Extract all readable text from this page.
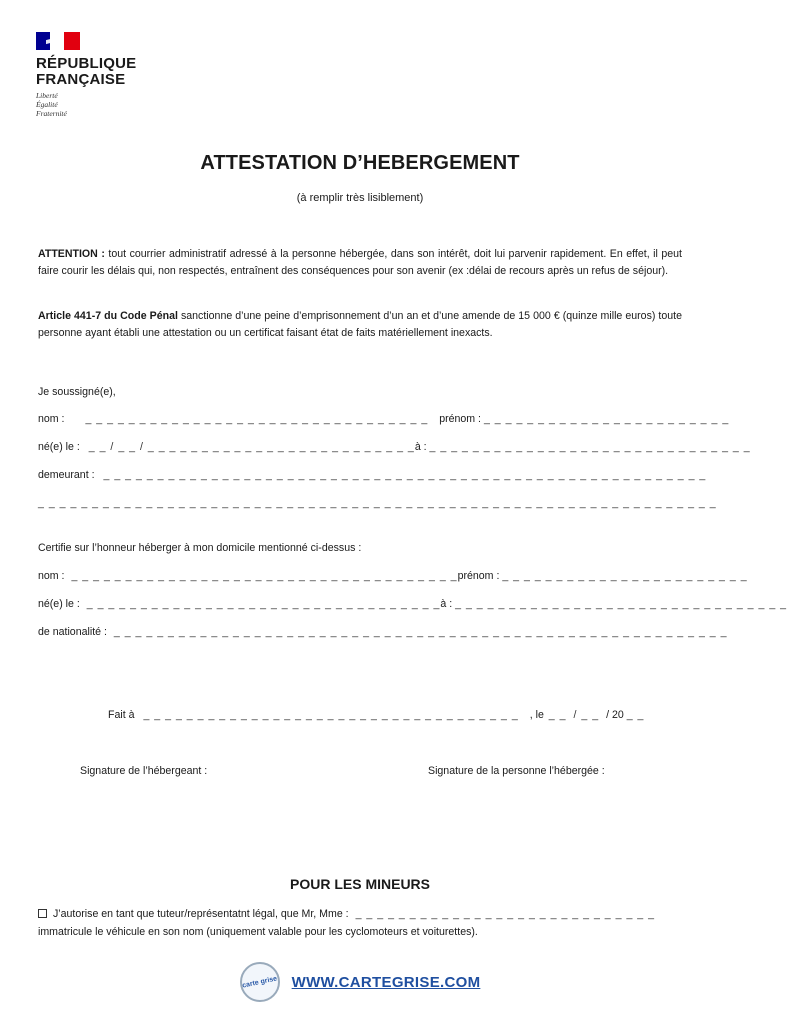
RÉPUBLIQUE
FRANÇAISE
Liberté
Égalité
Fraternité
ATTESTATION D’HEBERGEMENT
(à remplir très lisiblement)
ATTENTION : tout courrier administratif adressé à la personne hébergée, dans son intérêt, doit lui parvenir rapidement. En effet, il peut faire courir les délais qui, non respectés, entraînent des conséquences pour son avenir (ex :délai de recours après un refus de séjour).
Article 441-7 du Code Pénal sanctionne d’une peine d’emprisonnement d’un an et d’une amende de 15 000 € (quinze mille euros) toute personne ayant établi une attestation ou un certificat faisant état de faits matériellement inexacts.
Je soussigné(e),
nom : _ _ _ _ _ _ _ _ _ _ _ _ _ _ _ _ _ _ _ _ _ _ _ _ _ _ _ _ _ _ _ _ prénom : _ _ _ _ _ _ _ _ _ _ _ _ _ _ _ _ _ _ _ _ _ _ _
né(e) le : _ _ / _ _ / _ _ _ _ _ _ _ _ _ _ _ _ _ _ _ _ _ _ _ _ _ _ _ _ _à : _ _ _ _ _ _ _ _ _ _ _ _ _ _ _ _ _ _ _ _ _ _ _ _ _ _ _ _ _ _
demeurant : _ _ _ _ _ _ _ _ _ _ _ _ _ _ _ _ _ _ _ _ _ _ _ _ _ _ _ _ _ _ _ _ _ _ _ _ _ _ _ _ _ _ _ _ _ _ _ _ _ _ _ _ _ _ _ _
_ _ _ _ _ _ _ _ _ _ _ _ _ _ _ _ _ _ _ _ _ _ _ _ _ _ _ _ _ _ _ _ _ _ _ _ _ _ _ _ _ _ _ _ _ _ _ _ _ _ _ _ _ _ _ _ _ _ _ _ _ _ _
Certifie sur l’honneur héberger à mon domicile mentionné ci-dessus :
nom : _ _ _ _ _ _ _ _ _ _ _ _ _ _ _ _ _ _ _ _ _ _ _ _ _ _ _ _ _ _ _ _ _ _ _ _prénom : _ _ _ _ _ _ _ _ _ _ _ _ _ _ _ _ _ _ _ _ _ _ _
né(e) le : _ _ _ _ _ _ _ _ _ _ _ _ _ _ _ _ _ _ _ _ _ _ _ _ _ _ _ _ _ _ _ _ _à : _ _ _ _ _ _ _ _ _ _ _ _ _ _ _ _ _ _ _ _ _ _ _ _ _ _ _ _ _ _ _
de nationalité : _ _ _ _ _ _ _ _ _ _ _ _ _ _ _ _ _ _ _ _ _ _ _ _ _ _ _ _ _ _ _ _ _ _ _ _ _ _ _ _ _ _ _ _ _ _ _ _ _ _ _ _ _ _ _ _ _
Fait à _ _ _ _ _ _ _ _ _ _ _ _ _ _ _ _ _ _ _ _ _ _ _ _ _ _ _ _ _ _ _ _ _ _ _ , le _ _ / _ _ / 20 _ _
Signature de l’hébergeant :	Signature de la personne l’hébergée :
POUR LES MINEURS
J’autorise en tant que tuteur/représentatnt légal, que Mr, Mme : _ _ _ _ _ _ _ _ _ _ _ _ _ _ _ _ _ _ _ _ _ _ _ _ _ _ _ _
immatricule le véhicule en son nom (uniquement valable pour les cyclomoteurs et voiturettes).
carte grise WWW.CARTEGRISE.COM
